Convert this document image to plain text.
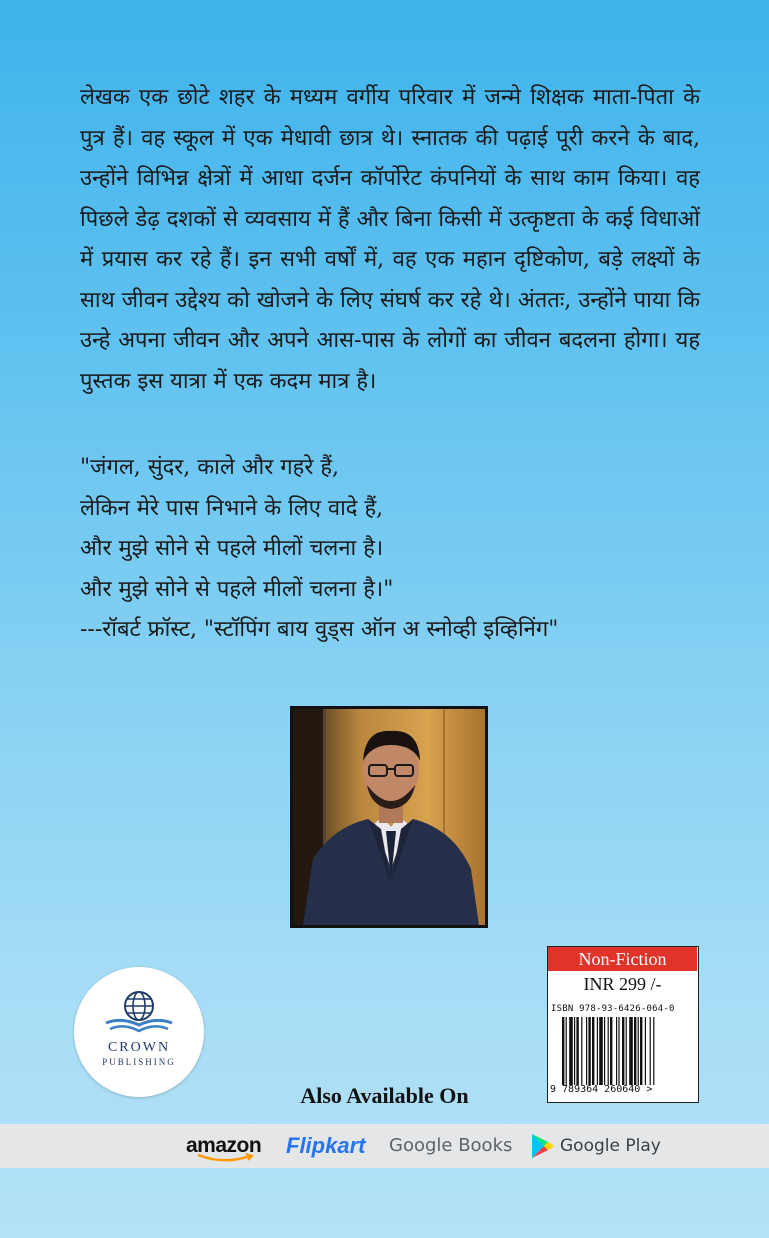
लेखक एक छोटे शहर के मध्यम वर्गीय परिवार में जन्मे शिक्षक माता-पिता के पुत्र हैं। वह स्कूल में एक मेधावी छात्र थे। स्नातक की पढ़ाई पूरी करने के बाद, उन्होंने विभिन्न क्षेत्रों में आधा दर्जन कॉर्पोरेट कंपनियों के साथ काम किया। वह पिछले डेढ़ दशकों से व्यवसाय में हैं और बिना किसी में उत्कृष्टता के कई विधाओं में प्रयास कर रहे हैं। इन सभी वर्षों में, वह एक महान दृष्टिकोण, बड़े लक्ष्यों के साथ जीवन उद्देश्य को खोजने के लिए संघर्ष कर रहे थे। अंततः, उन्होंने पाया कि उन्हे अपना जीवन और अपने आस-पास के लोगों का जीवन बदलना होगा। यह पुस्तक इस यात्रा में एक कदम मात्र है।

"जंगल, सुंदर, काले और गहरे हैं,
लेकिन मेरे पास निभाने के लिए वादे हैं,
और मुझे सोने से पहले मीलों चलना है।
और मुझे सोने से पहले मीलों चलना है।"
---रॉबर्ट फ्रॉस्ट, "स्टॉपिंग बाय वुड्स ऑन अ स्नोव्ही इव्हिनिंग"
CROWN
PUBLISHING
Non-Fiction
INR 299 /-
ISBN 978-93-6426-064-0
9 789364 260640 >
Also Available On
amazon Flipkart Google Books	Google Play
